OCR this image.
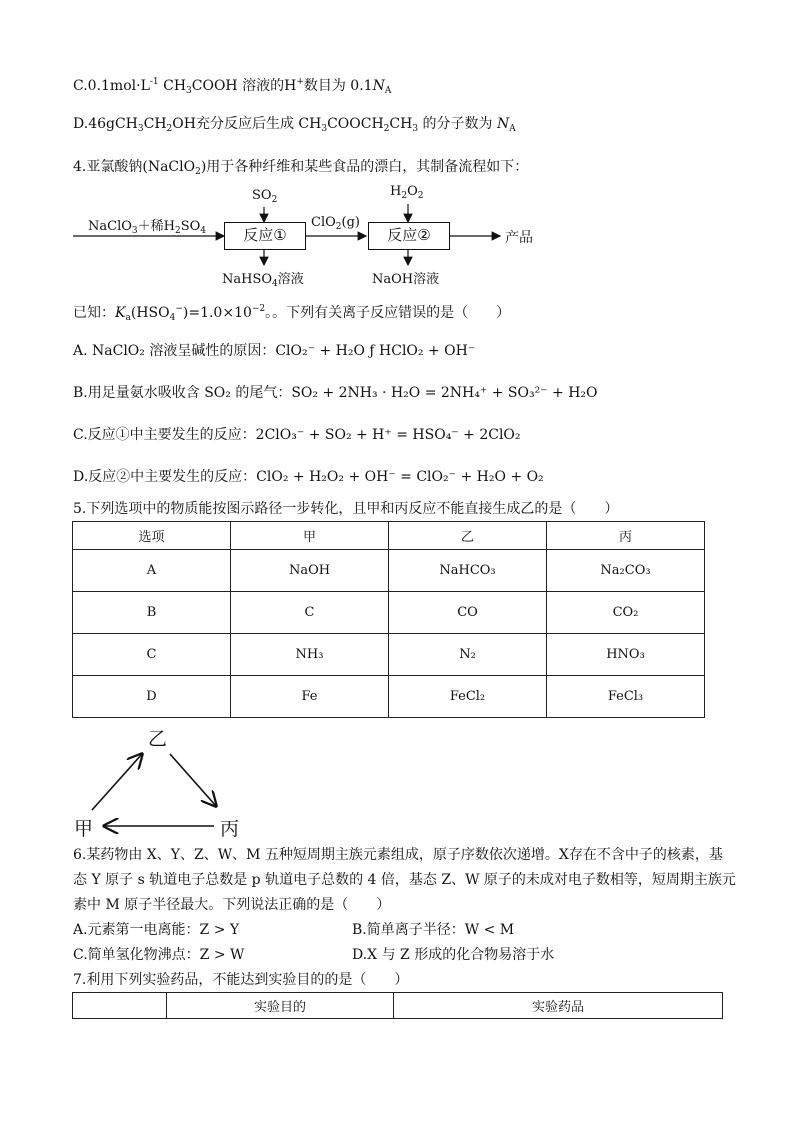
$C.0.1mol\cdot L^{-1}$ $CH_3COOH$ 溶液的H+数目为 $0.1N_A$
$D.46gCH_3CH_2OH$充分反应后生成 $CH_3COOCH_2CH_3$ 的分子数为 $N_A$
4.亚氯酸钠(NaClO$_2$)用于各种纤维和某些食品的漂白，其制备流程如下：
NaClO$_3$＋稀$H_2SO_4$
$SO_2$
反应①
NaHSO$_4$溶液
ClO$_2$(g)
$H_2O_2$
反应②
NaOH溶液
产品
已知：$K_a(HSO_4^-)=1.0\times 10^{-2}$。。下列有关离子反应错误的是（　　）
A. NaClO₂ 溶液呈碱性的原因：ClO₂⁻ + H₂O ƒ HClO₂ + OH⁻
B.用足量氨水吸收含 SO₂ 的尾气：SO₂ + 2NH₃ · H₂O = 2NH₄⁺ + SO₃²⁻ + H₂O
C.反应①中主要发生的反应：2ClO₃⁻ + SO₂ + H⁺ = HSO₄⁻ + 2ClO₂
D.反应②中主要发生的反应：ClO₂ + H₂O₂ + OH⁻ = ClO₂⁻ + H₂O + O₂
5.下列选项中的物质能按图示路径一步转化，且甲和丙反应不能直接生成乙的是（　　）
选项	甲	乙	丙
A	NaOH	NaHCO₃	Na₂CO₃
B	C	CO	CO₂
C	NH₃	N₂	HNO₃
D	Fe	FeCl₂	FeCl₃
乙
甲	丙
6.某药物由 X、Y、Z、W、M 五种短周期主族元素组成，原子序数依次递增。X存在不含中子的核素，基
态 Y 原子 s 轨道电子总数是 p 轨道电子总数的 4 倍，基态 Z、W 原子的未成对电子数相等，短周期主族元
素中 M 原子半径最大。下列说法正确的是（　　）
A.元素第一电离能：Z > Y	B.简单离子半径：W < M
C.简单氢化物沸点：Z > W	D.X 与 Z 形成的化合物易溶于水
7.利用下列实验药品，不能达到实验目的的是（　　）
	实验目的	实验药品
